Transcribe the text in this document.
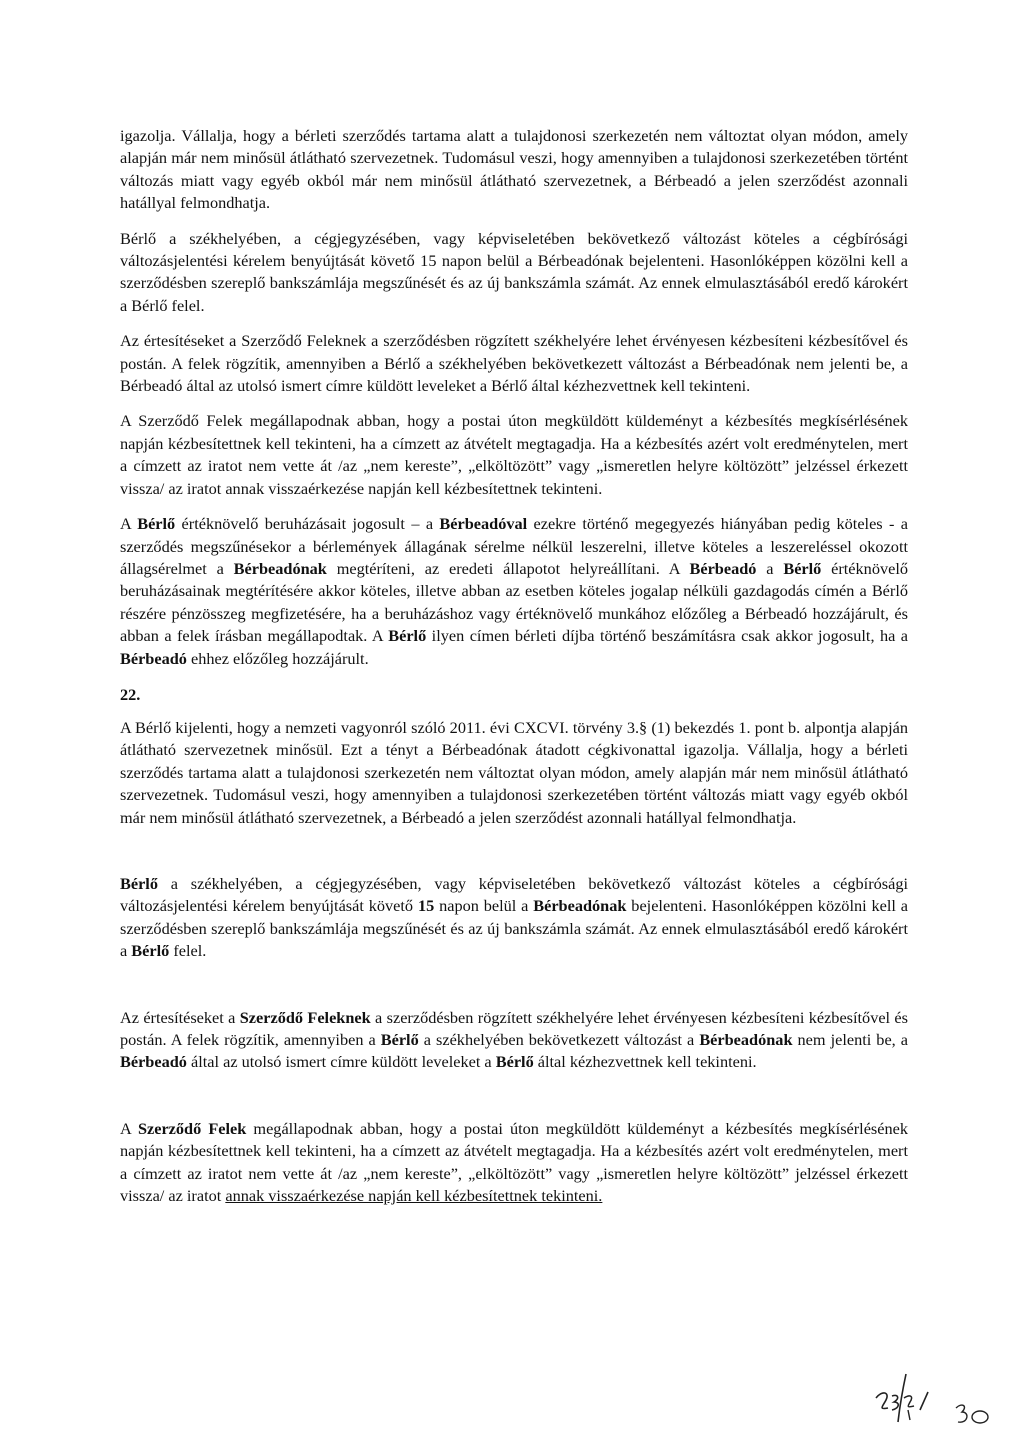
igazolja. Vállalja, hogy a bérleti szerződés tartama alatt a tulajdonosi szerkezetén nem változtat olyan módon, amely alapján már nem minősül átlátható szervezetnek. Tudomásul veszi, hogy amennyiben a tulajdonosi szerkezetében történt változás miatt vagy egyéb okból már nem minősül átlátható szervezetnek, a Bérbeadó a jelen szerződést azonnali hatállyal felmondhatja.

Bérlő a székhelyében, a cégjegyzésében, vagy képviseletében bekövetkező változást köteles a cégbírósági változásjelentési kérelem benyújtását követő 15 napon belül a Bérbeadónak bejelenteni. Hasonlóképpen közölni kell a szerződésben szereplő bankszámlája megszűnését és az új bankszámla számát. Az ennek elmulasztásából eredő károkért a Bérlő felel.

Az értesítéseket a Szerződő Feleknek a szerződésben rögzített székhelyére lehet érvényesen kézbesíteni kézbesítővel és postán. A felek rögzítik, amennyiben a Bérlő a székhelyében bekövetkezett változást a Bérbeadónak nem jelenti be, a Bérbeadó által az utolsó ismert címre küldött leveleket a Bérlő által kézhezvettnek kell tekinteni.

A Szerződő Felek megállapodnak abban, hogy a postai úton megküldött küldeményt a kézbesítés megkísérlésének napján kézbesítettnek kell tekinteni, ha a címzett az átvételt megtagadja. Ha a kézbesítés azért volt eredménytelen, mert a címzett az iratot nem vette át /az „nem kereste”, „elköltözött” vagy „ismeretlen helyre költözött” jelzéssel érkezett vissza/ az iratot annak visszaérkezése napján kell kézbesítettnek tekinteni.

A Bérlő értéknövelő beruházásait jogosult – a Bérbeadóval ezekre történő megegyezés hiányában pedig köteles - a szerződés megszűnésekor a bérlemények állagának sérelme nélkül leszerelni, illetve köteles a leszereléssel okozott állagsérelmet a Bérbeadónak megtéríteni, az eredeti állapotot helyreállítani. A Bérbeadó a Bérlő értéknövelő beruházásainak megtérítésére akkor köteles, illetve abban az esetben köteles jogalap nélküli gazdagodás címén a Bérlő részére pénzösszeg megfizetésére, ha a beruházáshoz vagy értéknövelő munkához előzőleg a Bérbeadó hozzájárult, és abban a felek írásban megállapodtak. A Bérlő ilyen címen bérleti díjba történő beszámításra csak akkor jogosult, ha a Bérbeadó ehhez előzőleg hozzájárult.

22.

A Bérlő kijelenti, hogy a nemzeti vagyonról szóló 2011. évi CXCVI. törvény 3.§ (1) bekezdés 1. pont b. alpontja alapján átlátható szervezetnek minősül. Ezt a tényt a Bérbeadónak átadott cégkivonattal igazolja. Vállalja, hogy a bérleti szerződés tartama alatt a tulajdonosi szerkezetén nem változtat olyan módon, amely alapján már nem minősül átlátható szervezetnek. Tudomásul veszi, hogy amennyiben a tulajdonosi szerkezetében történt változás miatt vagy egyéb okból már nem minősül átlátható szervezetnek, a Bérbeadó a jelen szerződést azonnali hatállyal felmondhatja.

Bérlő a székhelyében, a cégjegyzésében, vagy képviseletében bekövetkező változást köteles a cégbírósági változásjelentési kérelem benyújtását követő 15 napon belül a Bérbeadónak bejelenteni. Hasonlóképpen közölni kell a szerződésben szereplő bankszámlája megszűnését és az új bankszámla számát. Az ennek elmulasztásából eredő károkért a Bérlő felel.

Az értesítéseket a Szerződő Feleknek a szerződésben rögzített székhelyére lehet érvényesen kézbesíteni kézbesítővel és postán. A felek rögzítik, amennyiben a Bérlő a székhelyében bekövetkezett változást a Bérbeadónak nem jelenti be, a Bérbeadó által az utolsó ismert címre küldött leveleket a Bérlő által kézhezvettnek kell tekinteni.

A Szerződő Felek megállapodnak abban, hogy a postai úton megküldött küldeményt a kézbesítés megkísérlésének napján kézbesítettnek kell tekinteni, ha a címzett az átvételt megtagadja. Ha a kézbesítés azért volt eredménytelen, mert a címzett az iratot nem vette át /az „nem kereste”, „elköltözött” vagy „ismeretlen helyre költözött” jelzéssel érkezett vissza/ az iratot annak visszaérkezése napján kell kézbesítettnek tekinteni.

25/2
30
